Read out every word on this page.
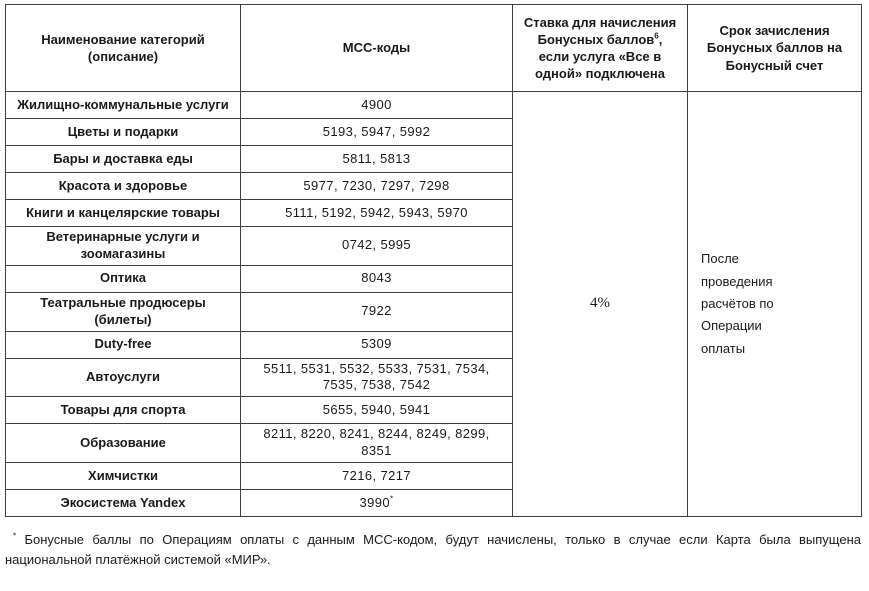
Наименование категорий (описание)	МСС-коды	Ставка для начисления Бонусных баллов$^6$, если услуга «Все в одной» подключена	Срок зачисления Бонусных баллов на Бонусный счет
Жилищно-коммунальные услуги	4900	4%	После проведения расчётов по Операции оплаты

Цветы и подарки	5193, 5947, 5992		
Бары и доставка еды	5811, 5813		
Красота и здоровье	5977, 7230, 7297, 7298		
Книги и канцелярские товары	5111, 5192, 5942, 5943, 5970		
Ветеринарные услуги и зоомагазины	0742, 5995		
Оптика	8043		
Театральные продюсеры (билеты)	7922		
Duty-free	5309		
Автоуслуги	5511, 5531, 5532, 5533, 7531, 7534, 7535, 7538, 7542		
Товары для спорта	5655, 5940, 5941		
Образование	8211, 8220, 8241, 8244, 8249, 8299, 8351		
Химчистки	7216, 7217		
Экосистема Yandex	3990*

* Бонусные баллы по Операциям оплаты с данным МСС-кодом, будут начислены, только в случае если Карта была выпущена национальной платёжной системой «МИР».
